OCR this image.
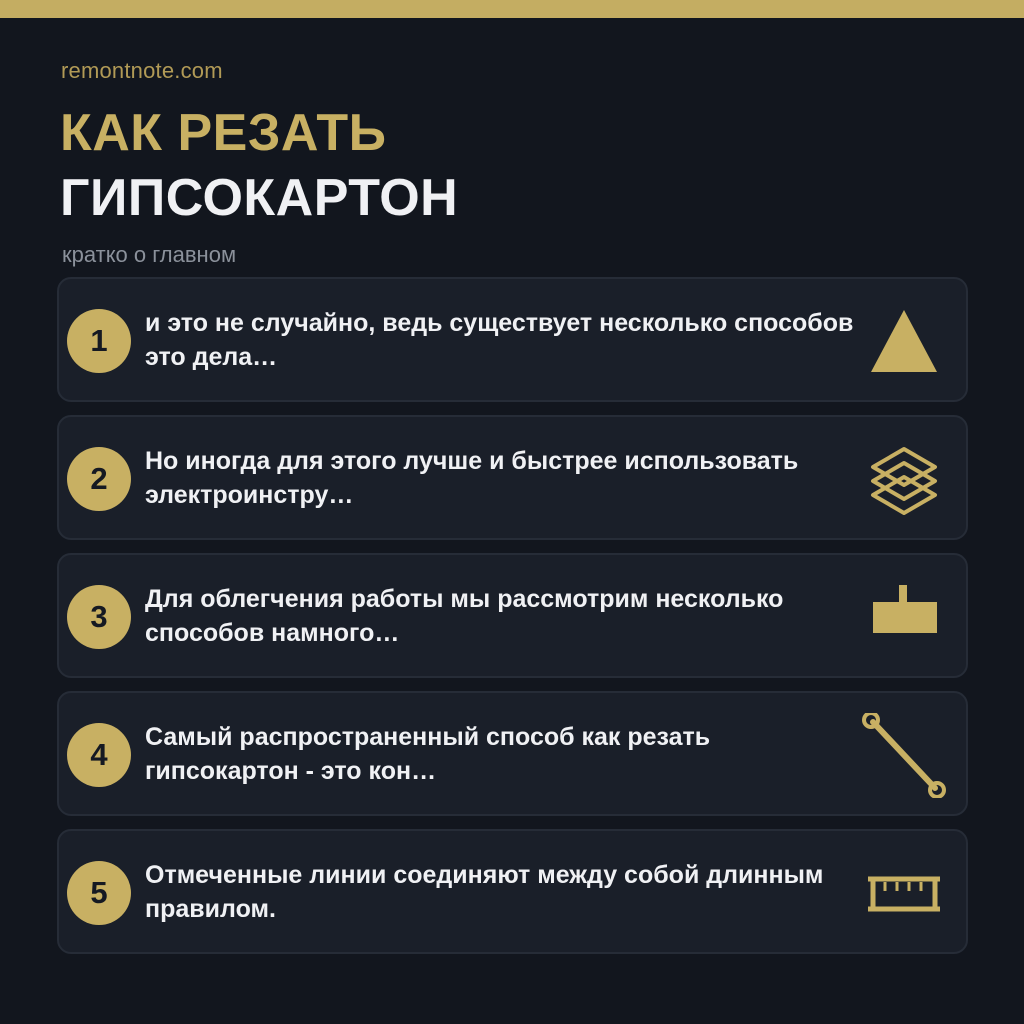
remontnote.com
КАК РЕЗАТЬ
ГИПСОКАРТОН
кратко о главном
1	и это не случайно, ведь существует несколько способов это дела…
2	Но иногда для этого лучше и быстрее использовать электроинстру…
3	Для облегчения работы мы рассмотрим несколько способов намного…
4	Самый распространенный способ как резать гипсокартон - это кон…
5	Отмеченные линии соединяют между собой длинным правилом.
